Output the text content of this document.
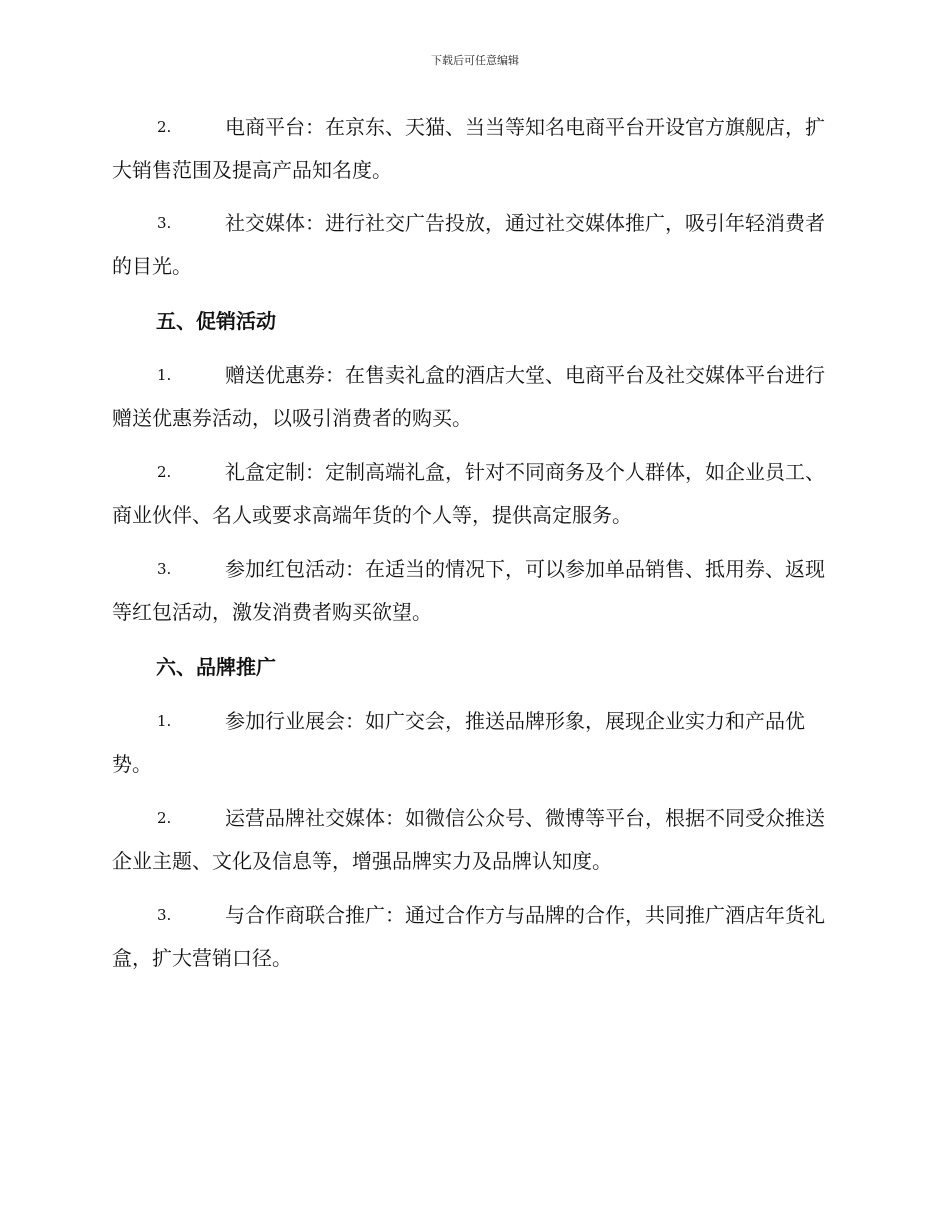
下载后可任意编辑
2.	电商平台：在京东、天猫、当当等知名电商平台开设官方旗舰店，扩大销售范围及提高产品知名度。

3.	社交媒体：进行社交广告投放，通过社交媒体推广，吸引年轻消费者的目光。

五、促销活动
1.	赠送优惠券：在售卖礼盒的酒店大堂、电商平台及社交媒体平台进行赠送优惠券活动，以吸引消费者的购买。

2.	礼盒定制：定制高端礼盒，针对不同商务及个人群体，如企业员工、商业伙伴、名人或要求高端年货的个人等，提供高定服务。

3.	参加红包活动：在适当的情况下，可以参加单品销售、抵用券、返现等红包活动，激发消费者购买欲望。

六、品牌推广
1.	参加行业展会：如广交会，推送品牌形象，展现企业实力和产品优势。

2.	运营品牌社交媒体：如微信公众号、微博等平台，根据不同受众推送企业主题、文化及信息等，增强品牌实力及品牌认知度。

3.	与合作商联合推广：通过合作方与品牌的合作，共同推广酒店年货礼盒，扩大营销口径。
